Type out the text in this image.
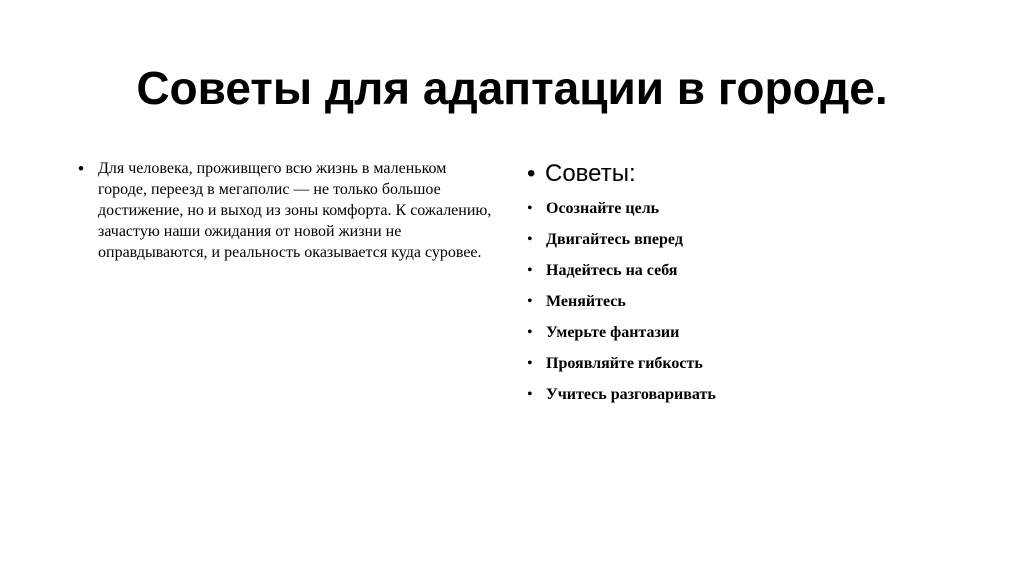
Советы для адаптации в городе.
• Для человека, проживщего всю жизнь в маленьком городе, переезд в мегаполис — не только большое достижение, но и выход из зоны комфорта. К сожалению, зачастую наши ожидания от новой жизни не оправдываются, и реальность оказывается куда суровее.
• Советы:
• Осознайте цель
• Двигайтесь вперед
• Надейтесь на себя
• Меняйтесь
• Умерьте фантазии
• Проявляйте гибкость
• Учитесь разговаривать
